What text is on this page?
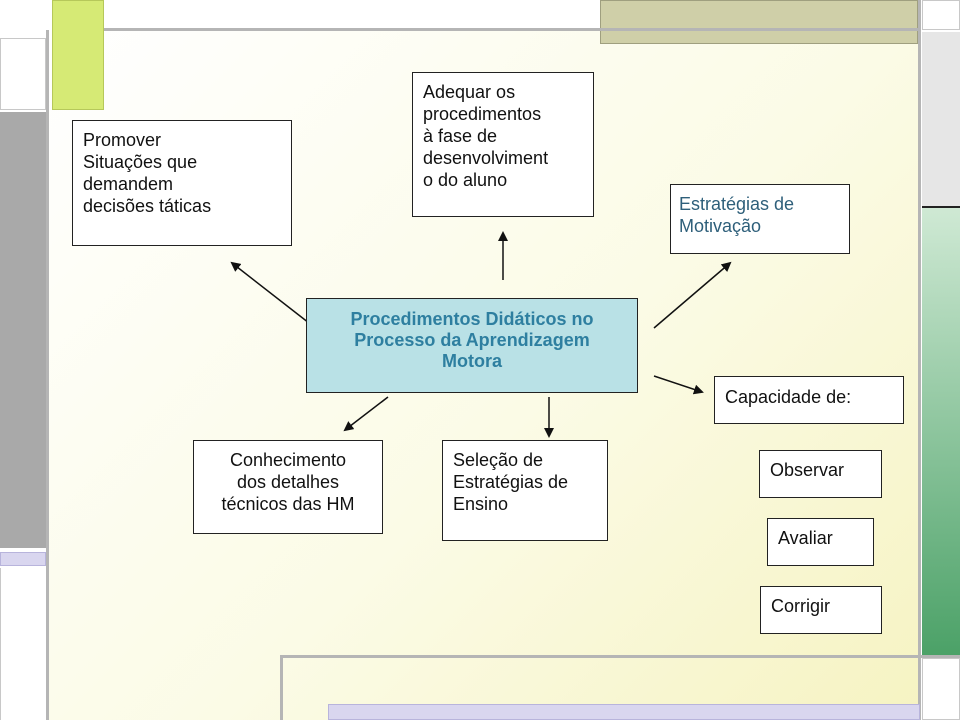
Promover
Situações que
demandem
decisões táticas
Adequar os
procedimentos
à fase de
desenvolviment
o do aluno
Estratégias de
Motivação
Procedimentos Didáticos no
Processo da Aprendizagem
Motora
Capacidade de:
Conhecimento
dos detalhes
técnicos das HM
Seleção de
Estratégias de
Ensino
Observar
Avaliar
Corrigir
